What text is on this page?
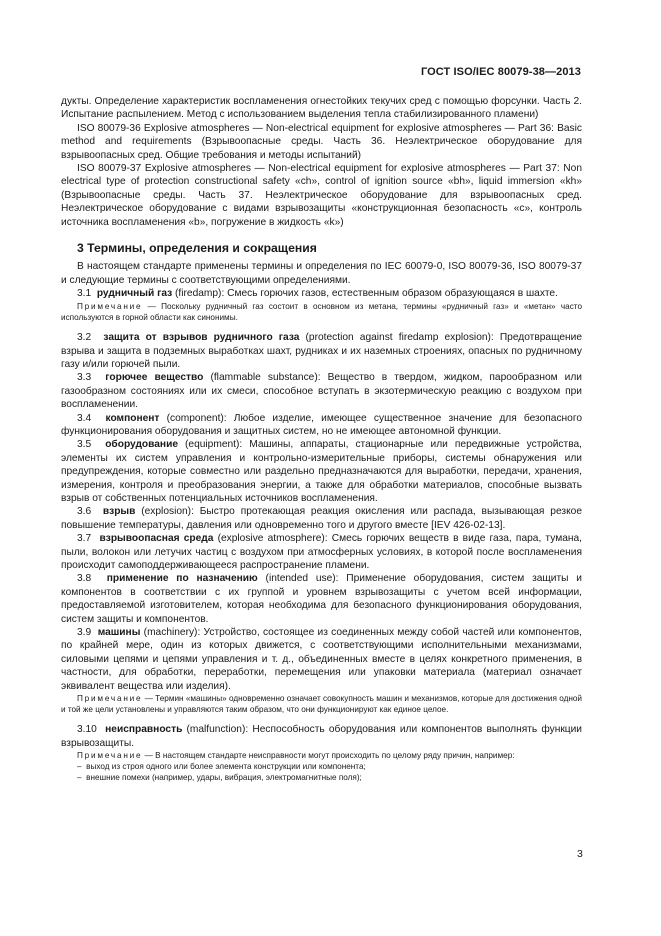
ГОСТ ISO/IEC 80079-38—2013

дукты. Определение характеристик воспламенения огнестойких текучих сред с помощью форсунки. Часть 2. Испытание распылением. Метод с использованием выделения тепла стабилизированного пламени)

ISO 80079-36 Explosive atmospheres — Non-electrical equipment for explosive atmospheres — Part 36: Basic method and requirements (Взрывоопасные среды. Часть 36. Неэлектрическое оборудование для взрывоопасных сред. Общие требования и методы испытаний)

ISO 80079-37 Explosive atmospheres — Non-electrical equipment for explosive atmospheres — Part 37: Non electrical type of protection constructional safety «ch», control of ignition source «bh», liquid immersion «kh» (Взрывоопасные среды. Часть 37. Неэлектрическое оборудование для взрывоопасных сред. Неэлектрическое оборудование с видами взрывозащиты «конструкционная безопасность «c», контроль источника воспламенения «b», погружение в жидкость «k»)

3 Термины, определения и сокращения

В настоящем стандарте применены термины и определения по IEC 60079-0, ISO 80079-36, ISO 80079-37 и следующие термины с соответствующими определениями.

3.1 рудничный газ (firedamp): Смесь горючих газов, естественным образом образующаяся в шахте.

Примечание — Поскольку рудничный газ состоит в основном из метана, термины «рудничный газ» и «метан» часто используются в горной области как синонимы.

3.2 защита от взрывов рудничного газа (protection against firedamp explosion): Предотвращение взрыва и защита в подземных выработках шахт, рудниках и их наземных строениях, опасных по рудничному газу и/или горючей пыли.

3.3 горючее вещество (flammable substance): Вещество в твердом, жидком, парообразном или газообразном состояниях или их смеси, способное вступать в экзотермическую реакцию с воздухом при воспламенении.

3.4 компонент (component): Любое изделие, имеющее существенное значение для безопасного функционирования оборудования и защитных систем, но не имеющее автономной функции.

3.5 оборудование (equipment): Машины, аппараты, стационарные или передвижные устройства, элементы их систем управления и контрольно-измерительные приборы, системы обнаружения или предупреждения, которые совместно или раздельно предназначаются для выработки, передачи, хранения, измерения, контроля и преобразования энергии, а также для обработки материалов, способные вызвать взрыв от собственных потенциальных источников воспламенения.

3.6 взрыв (explosion): Быстро протекающая реакция окисления или распада, вызывающая резкое повышение температуры, давления или одновременно того и другого вместе [IEV 426-02-13].

3.7 взрывоопасная среда (explosive atmosphere): Смесь горючих веществ в виде газа, пара, тумана, пыли, волокон или летучих частиц с воздухом при атмосферных условиях, в которой после воспламенения происходит самоподдерживающееся распространение пламени.

3.8 применение по назначению (intended use): Применение оборудования, систем защиты и компонентов в соответствии с их группой и уровнем взрывозащиты с учетом всей информации, предоставляемой изготовителем, которая необходима для безопасного функционирования оборудования, систем защиты и компонентов.

3.9 машины (machinery): Устройство, состоящее из соединенных между собой частей или компонентов, по крайней мере, один из которых движется, с соответствующими исполнительными механизмами, силовыми цепями и цепями управления и т. д., объединенных вместе в целях конкретного применения, в частности, для обработки, переработки, перемещения или упаковки материала (материал означает эквивалент вещества или изделия).

Примечание — Термин «машины» одновременно означает совокупность машин и механизмов, которые для достижения одной и той же цели установлены и управляются таким образом, что они функционируют как единое целое.

3.10 неисправность (malfunction): Неспособность оборудования или компонентов выполнять функции взрывозащиты.

Примечание — В настоящем стандарте неисправности могут происходить по целому ряду причин, например:

–  выход из строя одного или более элемента конструкции или компонента;

–  внешние помехи (например, удары, вибрация, электромагнитные поля);

3
